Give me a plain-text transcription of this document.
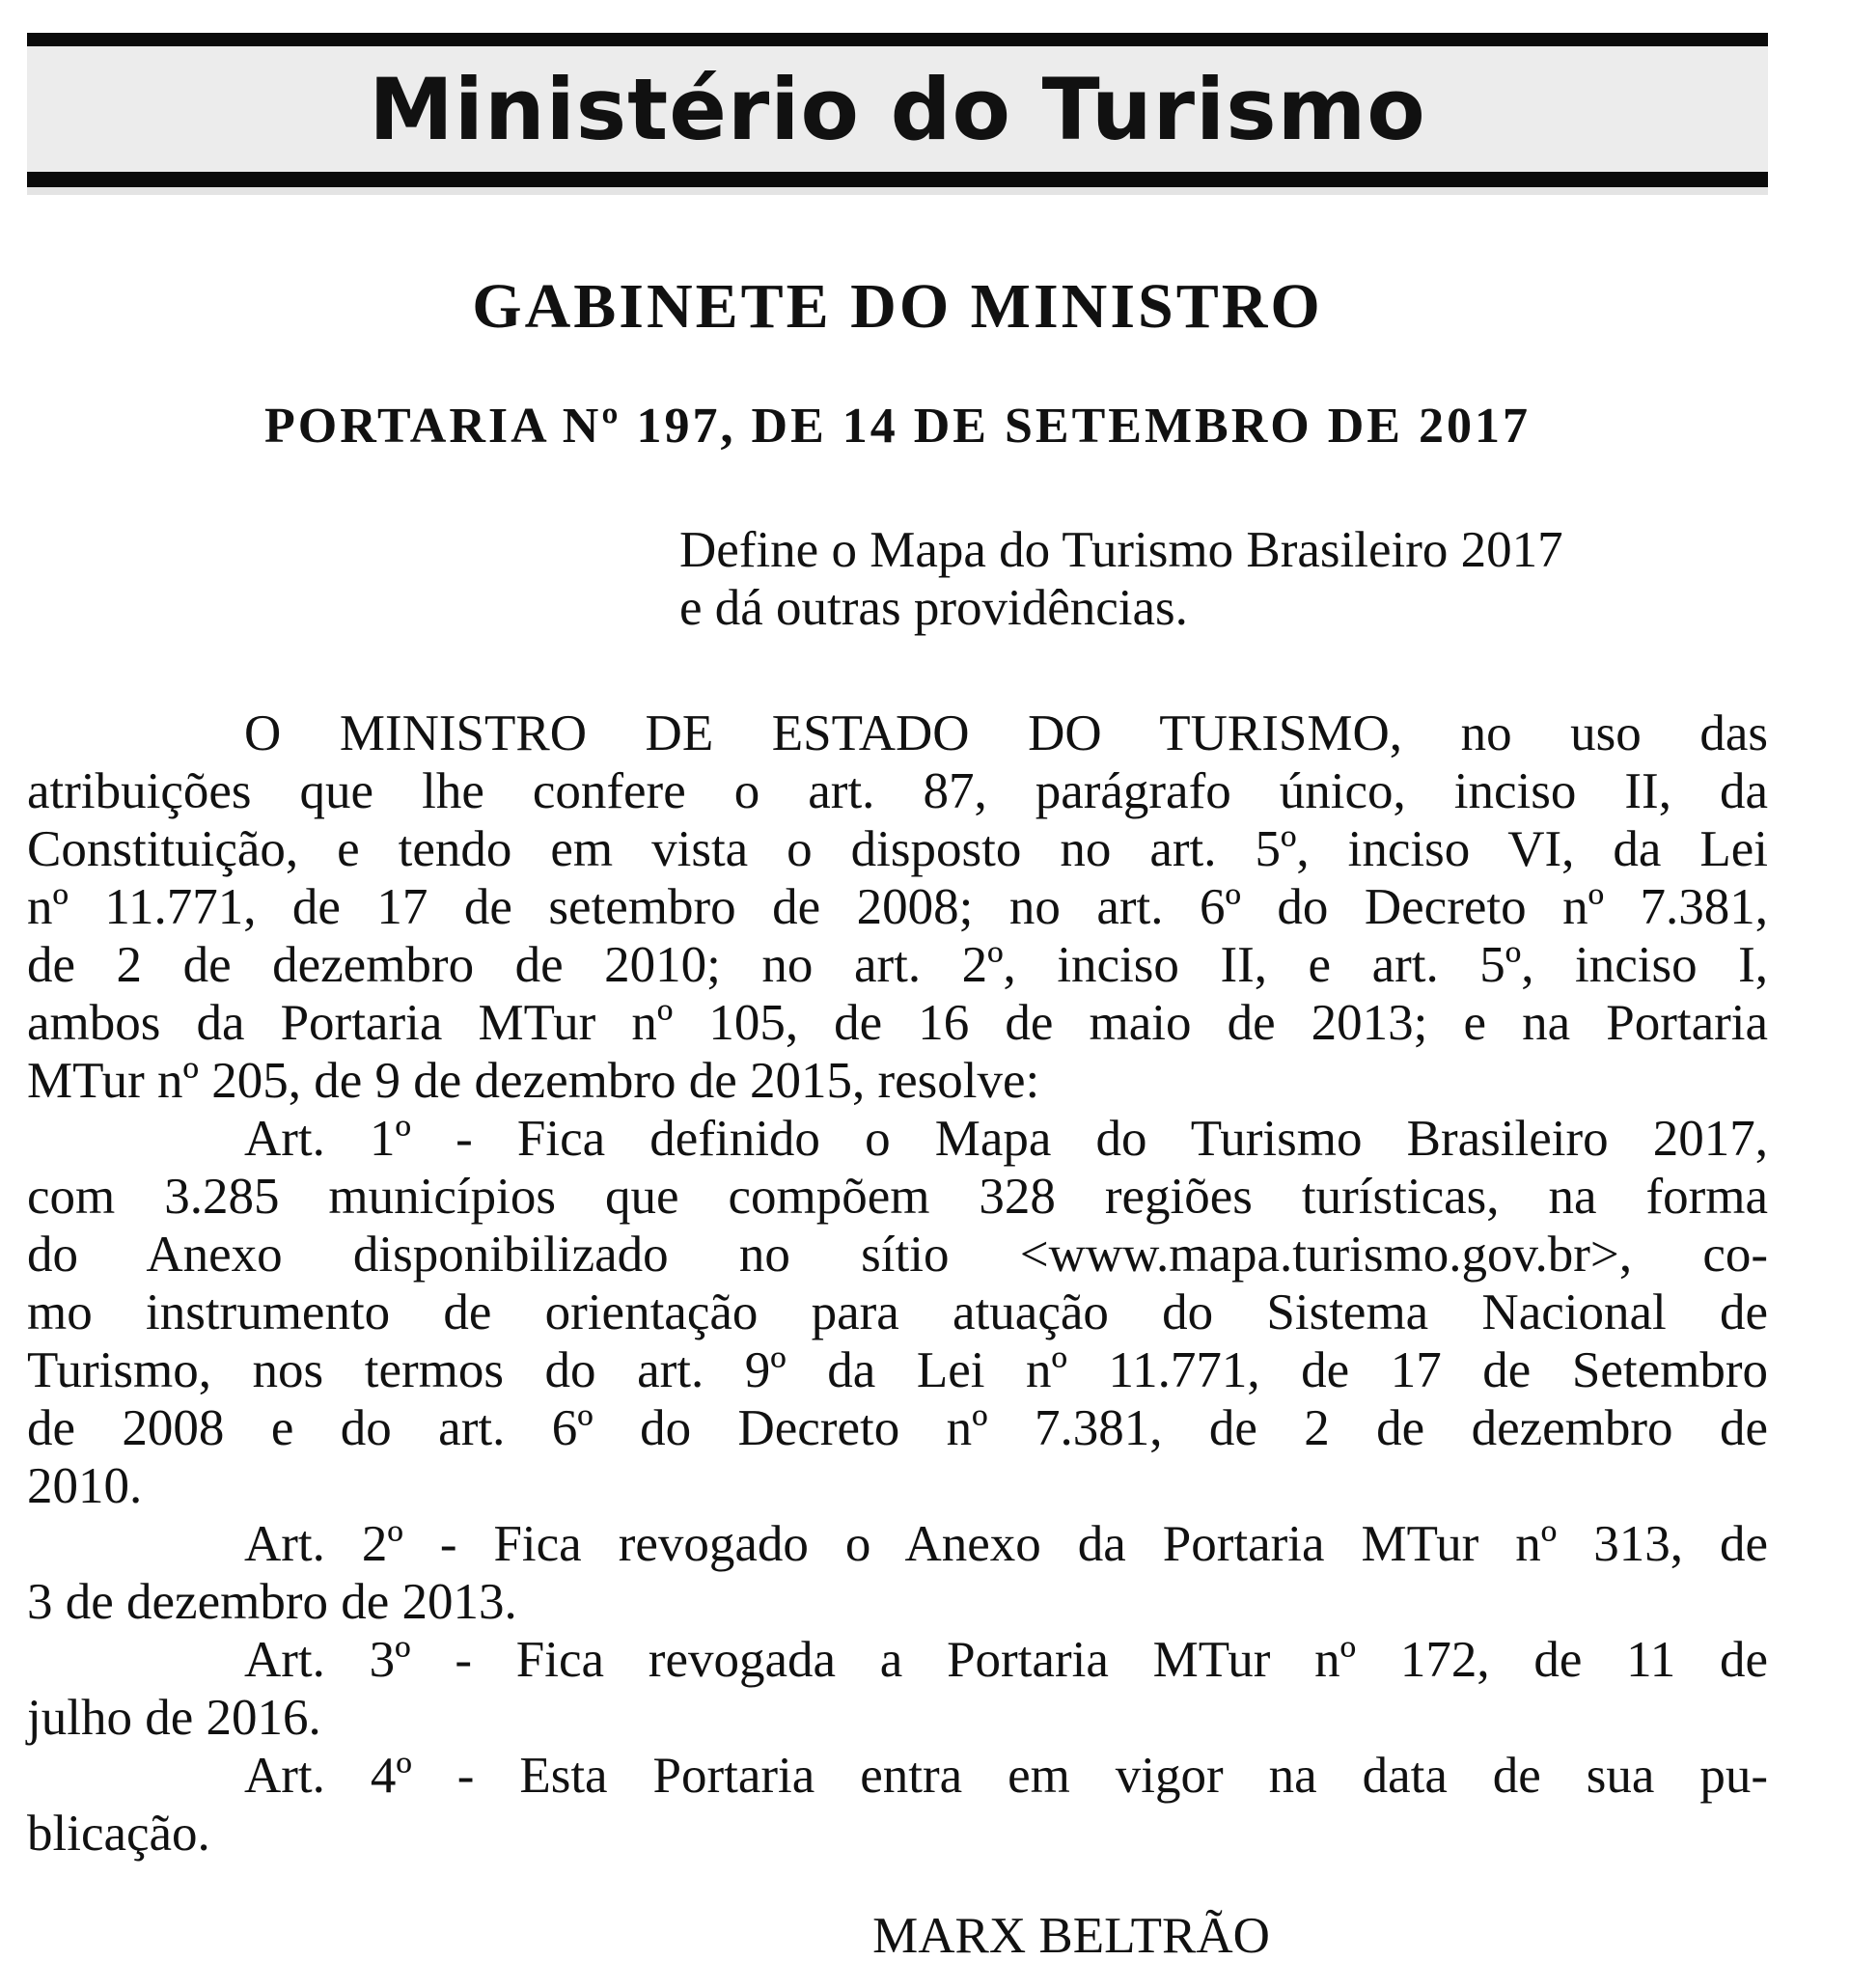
Ministério do Turismo
GABINETE DO MINISTRO
PORTARIA Nº 197, DE 14 DE SETEMBRO DE 2017
Define o Mapa do Turismo Brasileiro 2017
e dá outras providências.

O MINISTRO DE ESTADO DO TURISMO, no uso das
atribuições que lhe confere o art. 87, parágrafo único, inciso II, da
Constituição, e tendo em vista o disposto no art. 5º, inciso VI, da Lei
nº 11.771, de 17 de setembro de 2008; no art. 6º do Decreto nº 7.381,
de 2 de dezembro de 2010; no art. 2º, inciso II, e art. 5º, inciso I,
ambos da Portaria MTur nº 105, de 16 de maio de 2013; e na Portaria
MTur nº 205, de 9 de dezembro de 2015, resolve:

Art. 1º - Fica definido o Mapa do Turismo Brasileiro 2017,
com 3.285 municípios que compõem 328 regiões turísticas, na forma
do Anexo disponibilizado no sítio <www.mapa.turismo.gov.br>, co-
mo instrumento de orientação para atuação do Sistema Nacional de
Turismo, nos termos do art. 9º da Lei nº 11.771, de 17 de Setembro
de 2008 e do art. 6º do Decreto nº 7.381, de 2 de dezembro de
2010.

Art. 2º - Fica revogado o Anexo da Portaria MTur nº 313, de
3 de dezembro de 2013.

Art. 3º - Fica revogada a Portaria MTur nº 172, de 11 de
julho de 2016.

Art. 4º - Esta Portaria entra em vigor na data de sua pu-
blicação.

MARX BELTRÃO
